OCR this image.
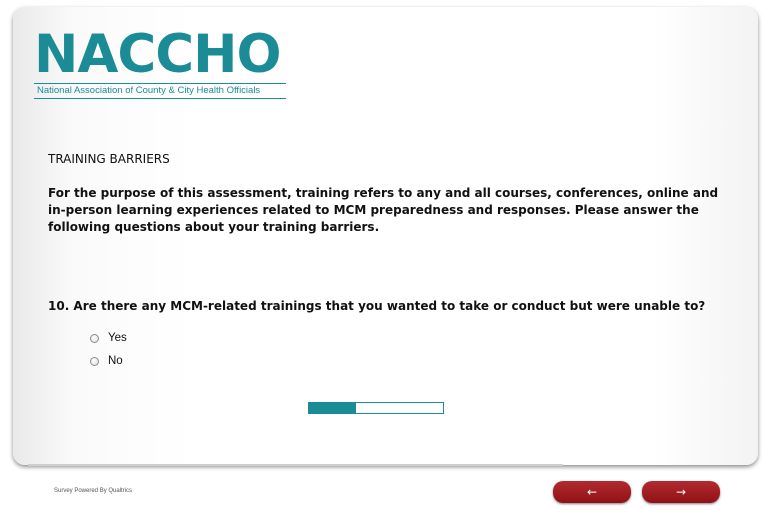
NACCHO
National Association of County & City Health Officials

TRAINING BARRIERS

For the purpose of this assessment, training refers to any and all courses, conferences, online and in-person learning experiences related to MCM preparedness and responses. Please answer the following questions about your training barriers.

10. Are there any MCM-related trainings that you wanted to take or conduct but were unable to?

Yes
No
Survey Powered By Qualtrics	←	→
